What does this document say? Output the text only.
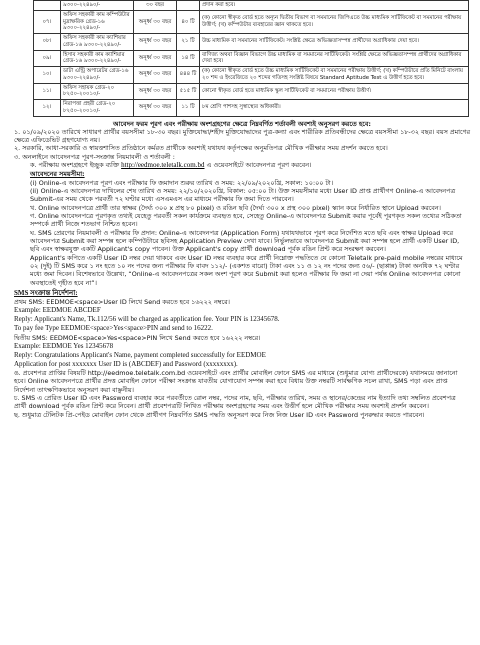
	৯৩০০-২২৪৯০/-	৩০ বছর		প্রদান করা হবে।
০৭।	অফিস সহকারী কাম কম্পিউটার মুদ্রাক্ষরিক গ্রেড-১৬ ৯৩০০-২২৪৯০/-	অনূর্ধ্ব ৩০ বছর	৪০ টি	(ক) কোনো স্বীকৃত বোর্ড হতে অন্যূন দ্বিতীয় বিভাগ বা সমমানের জিপিএতে উচ্চ মাধ্যমিক সার্টিফিকেট বা সমমানের পরীক্ষায় উত্তীর্ণ; (খ) কম্পিউটার ব্যবহারের জ্ঞান থাকতে হবে।
০৮।	অফিস সহকারী কাম ক্যাশিয়ার গ্রেড-১৬ ৯৩০০-২২৪৯০/-	অনূর্ধ্ব ৩০ বছর	২১ টি	উচ্চ মাধ্যমিক বা সমমানের সার্টিফিকেট। সংশ্লিষ্ট ক্ষেত্রে অভিজ্ঞতাসম্পন্ন প্রার্থীদের অগ্রাধিকার দেয়া হবে।
০৯।	হিসাব সহকারী কাম ক্যাশিয়ার গ্রেড-১৬ ৯৩০০-২২৪৯০/-	অনূর্ধ্ব ৩০ বছর	১৪ টি	বাণিজ্য অথবা বিজ্ঞান বিভাগে উচ্চ মাধ্যমিক বা সমমানের সার্টিফিকেট। সংশ্লিষ্ট ক্ষেত্রে অভিজ্ঞতাসম্পন্ন প্রার্থীদের অগ্রাধিকার দেয়া হবে।
১০।	ডাটা এন্ট্রি অপারেটর গ্রেড-১৬ ৯৩০০-২২৪৯০/-	অনূর্ধ্ব ৩০ বছর	৪৪৪ টি	(ক) কোনো স্বীকৃত বোর্ড হতে উচ্চ মাধ্যমিক সার্টিফিকেট বা সমমানের পরীক্ষায় উত্তীর্ণ; (খ) কম্পিউটারে প্রতি মিনিটে বাংলায় ২০ শব্দ ও ইংরেজিতে ২০ শব্দের গতিসহ সংশ্লিষ্ট বিষয়ে Standard Aptitude Test এ উত্তীর্ণ হতে হবে।
১১।	অফিস সহায়ক গ্রেড-২০ ৮২৫০-২০০১০/-	অনূর্ধ্ব ৩০ বছর	৫১৫ টি	কোনো স্বীকৃত বোর্ড হতে মাধ্যমিক স্কুল সার্টিফিকেট বা সমমানের পরীক্ষায় উত্তীর্ণ।
১২।	নিরাপত্তা প্রহরী গ্রেড-২০ ৮২৫০-২০০১০/-	অনূর্ধ্ব ৩০ বছর	১১ টি	৮ম শ্রেণি পাশসহ সুস্বাস্থ্যের অধিকারী।
আবেদন ফরম পূরণ এবং পরীক্ষায় অংশগ্রহণের ক্ষেত্রে নিম্নবর্ণিত শর্তাবলী অবশ্যই অনুসরণ করতে হবে:
১. ০১/০৯/২০২০ তারিখে সাধারণ প্রার্থীর বয়সসীমা ১৮-৩০ বছর। মুক্তিযোদ্ধা/শহীদ মুক্তিযোদ্ধাদের পুত্র-কন্যা এবং শারীরিক প্রতিবন্ধীদের ক্ষেত্রে বয়সসীমা ১৮-৩২ বছর। বয়স প্রমাণের ক্ষেত্রে এফিডেভিট গ্রহণযোগ্য নয়।
২. সরকারি, আধা-সরকারি ও স্বায়ত্তশাসিত প্রতিষ্ঠানে কর্মরত প্রার্থীকে অবশ্যই যথাযথ কর্তৃপক্ষের অনুমতিপত্র মৌখিক পরীক্ষার সময় প্রদর্শন করতে হবে।
৩. অনলাইনে আবেদনপত্র পূরণ-সংক্রান্ত নিয়মাবলী ও শর্তাবলী :
ক. পরীক্ষায় অংশগ্রহণে ইচ্ছুক ব্যক্তি http://eedmoe.teletalk.com.bd এ ওয়েবসাইটে আবেদনপত্র পূরণ করবেন।
আবেদনের সময়সীমা:
(i) Online-এ আবেদনপত্র পূরণ এবং পরীক্ষার ফি জমাদান শুরুর তারিখ ও সময়: ২২/০৯/২০২০খ্রি, সকাল: ১০:০০ টা।
(ii) Online-এ আবেদনপত্র দাখিলের শেষ তারিখ ও সময়: ২২/১০/২০২০খ্রি, বিকাল: ০৫:০০ টা। উক্ত সময়সীমার মধ্যে User ID প্রাপ্ত প্রার্থীগণ Online-এ আবেদনপত্র Submit-এর সময় থেকে পরবর্তী ৭২ ঘণ্টার মধ্যে এসএমএস এর মাধ্যমে পরীক্ষার ফি জমা দিতে পারবেন।
খ. Online আবেদনপত্রে প্রার্থী তার স্বাক্ষর (দৈর্ঘ্য ৩০০ x প্রস্থ ৮০ pixel) ও রঙিন ছবি (দৈর্ঘ্য ৩০০ x প্রস্থ ৩০০ pixel) স্ক্যান করে নির্ধারিত স্থানে Upload করবেন।
গ. Online আবেদনপত্রে পূরণকৃত তথ্যই যেহেতু পরবর্তী সকল কার্যক্রমে ব্যবহৃত হবে, সেহেতু Online-এ আবেদনপত্র Submit করার পূর্বেই পূরণকৃত সকল তথ্যের সঠিকতা সম্পর্কে প্রার্থী নিজে শতভাগ নিশ্চিত হবেন।
ঘ. SMS প্রেরণের নিয়মাবলী ও পরীক্ষার ফি প্রদান: Online-এ আবেদনপত্র (Application Form) যথাযথভাবে পূরণ করে নির্দেশিত মতে ছবি এবং স্বাক্ষর Upload করে আবেদনপত্র Submit করা সম্পন্ন হলে কম্পিউটারে ছবিসহ Application Preview দেখা যাবে। নির্ভুলভাবে আবেদনপত্র Submit করা সম্পন্ন হলে প্রার্থী একটি User ID, ছবি এবং স্বাক্ষরযুক্ত একটি Applicant's copy পাবেন। উক্ত Applicant's copy প্রার্থী download পূর্বক রঙিন প্রিন্ট করে সংরক্ষণ করবেন।
Applicant's কপিতে একটি User ID নম্বর দেয়া থাকবে এবং User ID নম্বর ব্যবহার করে প্রার্থী নিম্নোক্ত পদ্ধতিতে যে কোনো Teletalk pre-paid mobile নম্বরের মাধ্যমে ০২ (দুই) টি SMS করে ১ নং হতে ১০ নং পদের জন্য পরীক্ষার ফি বাবদ ১১২/- (একশত বারো) টাকা এবং ১১ ও ১২ নং পদের জন্য ৫৬/- (ছাপ্পান্ন) টাকা অনধিক ৭২ ঘণ্টার মধ্যে জমা দিবেন। বিশেষভাবে উল্লেখ্য, “Online-এ আবেদনপত্রের সকল অংশ পূরণ করে Submit করা হলেও পরীক্ষার ফি জমা না দেয়া পর্যন্ত Online আবেদনপত্র কোনো অবস্থাতেই গৃহীত হবে না”।
SMS সংক্রান্ত নির্দেশনা:
প্রথম SMS: EEDMOE<space>User ID লিখে Send করতে হবে ১৬২২২ নম্বরে।
Example: EEDMOE ABCDEF
Reply: Applicant's Name, Tk.112/56 will be charged as application fee. Your PIN is 12345678.
To pay fee Type EEDMOE<space>Yes<space>PIN and send to 16222.
দ্বিতীয় SMS: EEDMOE<space>Yes<space>PIN লিখে Send করতে হবে ১৬২২২ নম্বরে।
Example: EEDMOE Yes 12345678
Reply: Congratulations Applicant's Name, payment completed successfully for EEDMOE
Application for post xxxxxxx User ID is (ABCDEF) and Password (xxxxxxxx).
ঙ. প্রবেশপত্র প্রাপ্তির বিষয়টি http://eedmoe.teletalk.com.bd ওয়েবসাইটে এবং প্রার্থীর মোবাইল ফোনে SMS এর মাধ্যমে (শুধুমাত্র যোগ্য প্রার্থীদেরকে) যথাসময়ে জানানো হবে। Online আবেদনপত্রে প্রার্থীর প্রদত্ত মোবাইল ফোনে পরীক্ষা সংক্রান্ত যাবতীয় যোগাযোগ সম্পন্ন করা হবে বিধায় উক্ত নম্বরটি সার্বক্ষণিক সচল রাখা, SMS পড়া এবং প্রাপ্ত নির্দেশনা তাৎক্ষণিকভাবে অনুসরণ করা বাঞ্ছনীয়।
চ. SMS এ প্রেরিত User ID এবং Password ব্যবহার করে পরবর্তীতে রোল নম্বর, পদের নাম, ছবি, পরীক্ষার তারিখ, সময় ও স্থানের/কেন্দ্রের নাম ইত্যাদি তথ্য সম্বলিত প্রবেশপত্র প্রার্থী download পূর্বক রঙিন প্রিন্ট করে নিবেন। প্রার্থী প্রবেশপত্রটি লিখিত পরীক্ষায় অংশগ্রহণের সময় এবং উত্তীর্ণ হলে মৌখিক পরীক্ষার সময় অবশ্যই প্রদর্শন করবেন।
ছ. শুধুমাত্র টেলিটক প্রি-পেইড মোবাইল ফোন থেকে প্রার্থীগণ নিম্নবর্ণিত SMS পদ্ধতি অনুসরণ করে নিজ নিজ User ID এবং Password পুনরুদ্ধার করতে পারবেন।
